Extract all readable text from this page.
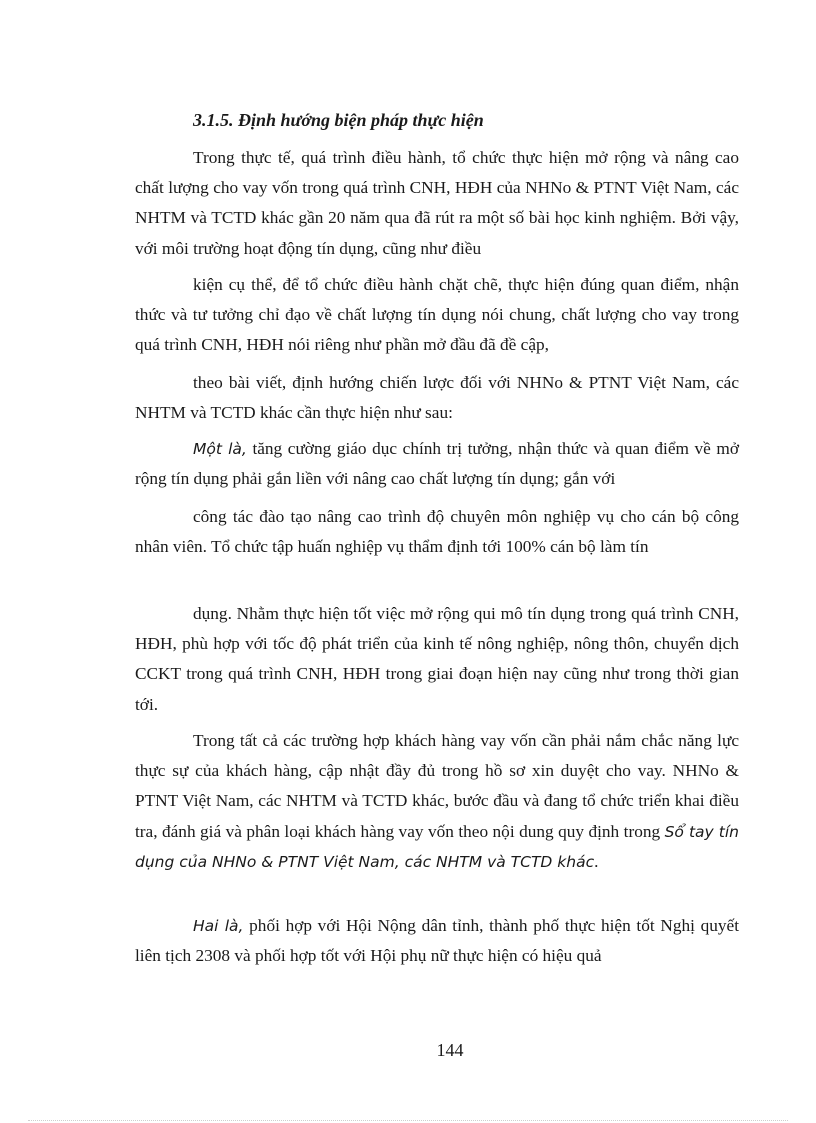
3.1.5. Định hướng biện pháp thực hiện

Trong thực tế, quá trình điều hành, tổ chức thực hiện mở rộng và nâng cao chất lượng cho vay vốn trong quá trình CNH, HĐH của NHNo & PTNT Việt Nam, các NHTM và TCTD khác gần 20 năm qua đã rút ra một số bài học kinh nghiệm. Bởi vậy, với môi trường hoạt động tín dụng, cũng như điều

kiện cụ thể, để tổ chức điều hành chặt chẽ, thực hiện đúng quan điểm, nhận thức và tư tưởng chỉ đạo về chất lượng tín dụng nói chung, chất lượng cho vay trong quá trình CNH, HĐH nói riêng như phần mở đầu đã đề cập,

theo bài viết, định hướng chiến lược đối với NHNo & PTNT Việt Nam, các NHTM và TCTD khác cần thực hiện như sau:

Một là, tăng cường giáo dục chính trị tưởng, nhận thức và quan điểm về mở rộng tín dụng phải gắn liền với nâng cao chất lượng tín dụng; gắn với

công tác đào tạo nâng cao trình độ chuyên môn nghiệp vụ cho cán bộ công nhân viên. Tổ chức tập huấn nghiệp vụ thẩm định tới 100% cán bộ làm tín

dụng. Nhằm thực hiện tốt việc mở rộng qui mô tín dụng trong quá trình CNH, HĐH, phù hợp với tốc độ phát triển của kinh tế nông nghiệp, nông thôn, chuyển dịch CCKT trong quá trình CNH, HĐH trong giai đoạn hiện nay cũng như trong thời gian tới.

Trong tất cả các trường hợp khách hàng vay vốn cần phải nắm chắc năng lực thực sự của khách hàng, cập nhật đầy đủ trong hồ sơ xin duyệt cho vay. NHNo & PTNT Việt Nam, các NHTM và TCTD khác, bước đầu và đang tổ chức triển khai điều tra, đánh giá và phân loại khách hàng vay vốn theo nội dung quy định trong Sổ tay tín dụng của NHNo & PTNT Việt Nam, các NHTM và TCTD khác.

Hai là, phối hợp với Hội Nộng dân tỉnh, thành phố thực hiện tốt Nghị quyết liên tịch 2308 và phối hợp tốt với Hội phụ nữ thực hiện có hiệu quả

144
